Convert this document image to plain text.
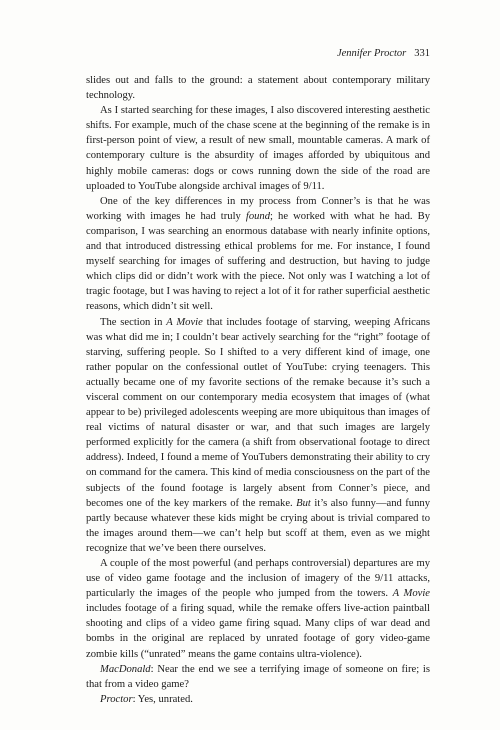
Jennifer Proctor 331

slides out and falls to the ground: a statement about contemporary military technology.

As I started searching for these images, I also discovered interesting aesthetic shifts. For example, much of the chase scene at the beginning of the remake is in first-person point of view, a result of new small, mountable cameras. A mark of contemporary culture is the absurdity of images afforded by ubiquitous and highly mobile cameras: dogs or cows running down the side of the road are uploaded to YouTube alongside archival images of 9/11.

One of the key differences in my process from Conner’s is that he was working with images he had truly found; he worked with what he had. By comparison, I was searching an enormous database with nearly infinite options, and that introduced distressing ethical problems for me. For instance, I found myself searching for images of suffering and destruction, but having to judge which clips did or didn’t work with the piece. Not only was I watching a lot of tragic footage, but I was having to reject a lot of it for rather superficial aesthetic reasons, which didn’t sit well.

The section in A Movie that includes footage of starving, weeping Africans was what did me in; I couldn’t bear actively searching for the “right” footage of starving, suffering people. So I shifted to a very different kind of image, one rather popular on the confessional outlet of YouTube: crying teenagers. This actually became one of my favorite sections of the remake because it’s such a visceral comment on our contemporary media ecosystem that images of (what appear to be) privileged adolescents weeping are more ubiquitous than images of real victims of natural disaster or war, and that such images are largely performed explicitly for the camera (a shift from observational footage to direct address). Indeed, I found a meme of YouTubers demonstrating their ability to cry on command for the camera. This kind of media consciousness on the part of the subjects of the found footage is largely absent from Conner’s piece, and becomes one of the key markers of the remake. But it’s also funny—and funny partly because whatever these kids might be crying about is trivial compared to the images around them—we can’t help but scoff at them, even as we might recognize that we’ve been there ourselves.

A couple of the most powerful (and perhaps controversial) departures are my use of video game footage and the inclusion of imagery of the 9/11 attacks, particularly the images of the people who jumped from the towers. A Movie includes footage of a firing squad, while the remake offers live-action paintball shooting and clips of a video game firing squad. Many clips of war dead and bombs in the original are replaced by unrated footage of gory video-game zombie kills (“unrated” means the game contains ultra-violence).

MacDonald: Near the end we see a terrifying image of someone on fire; is that from a video game?

Proctor: Yes, unrated.
